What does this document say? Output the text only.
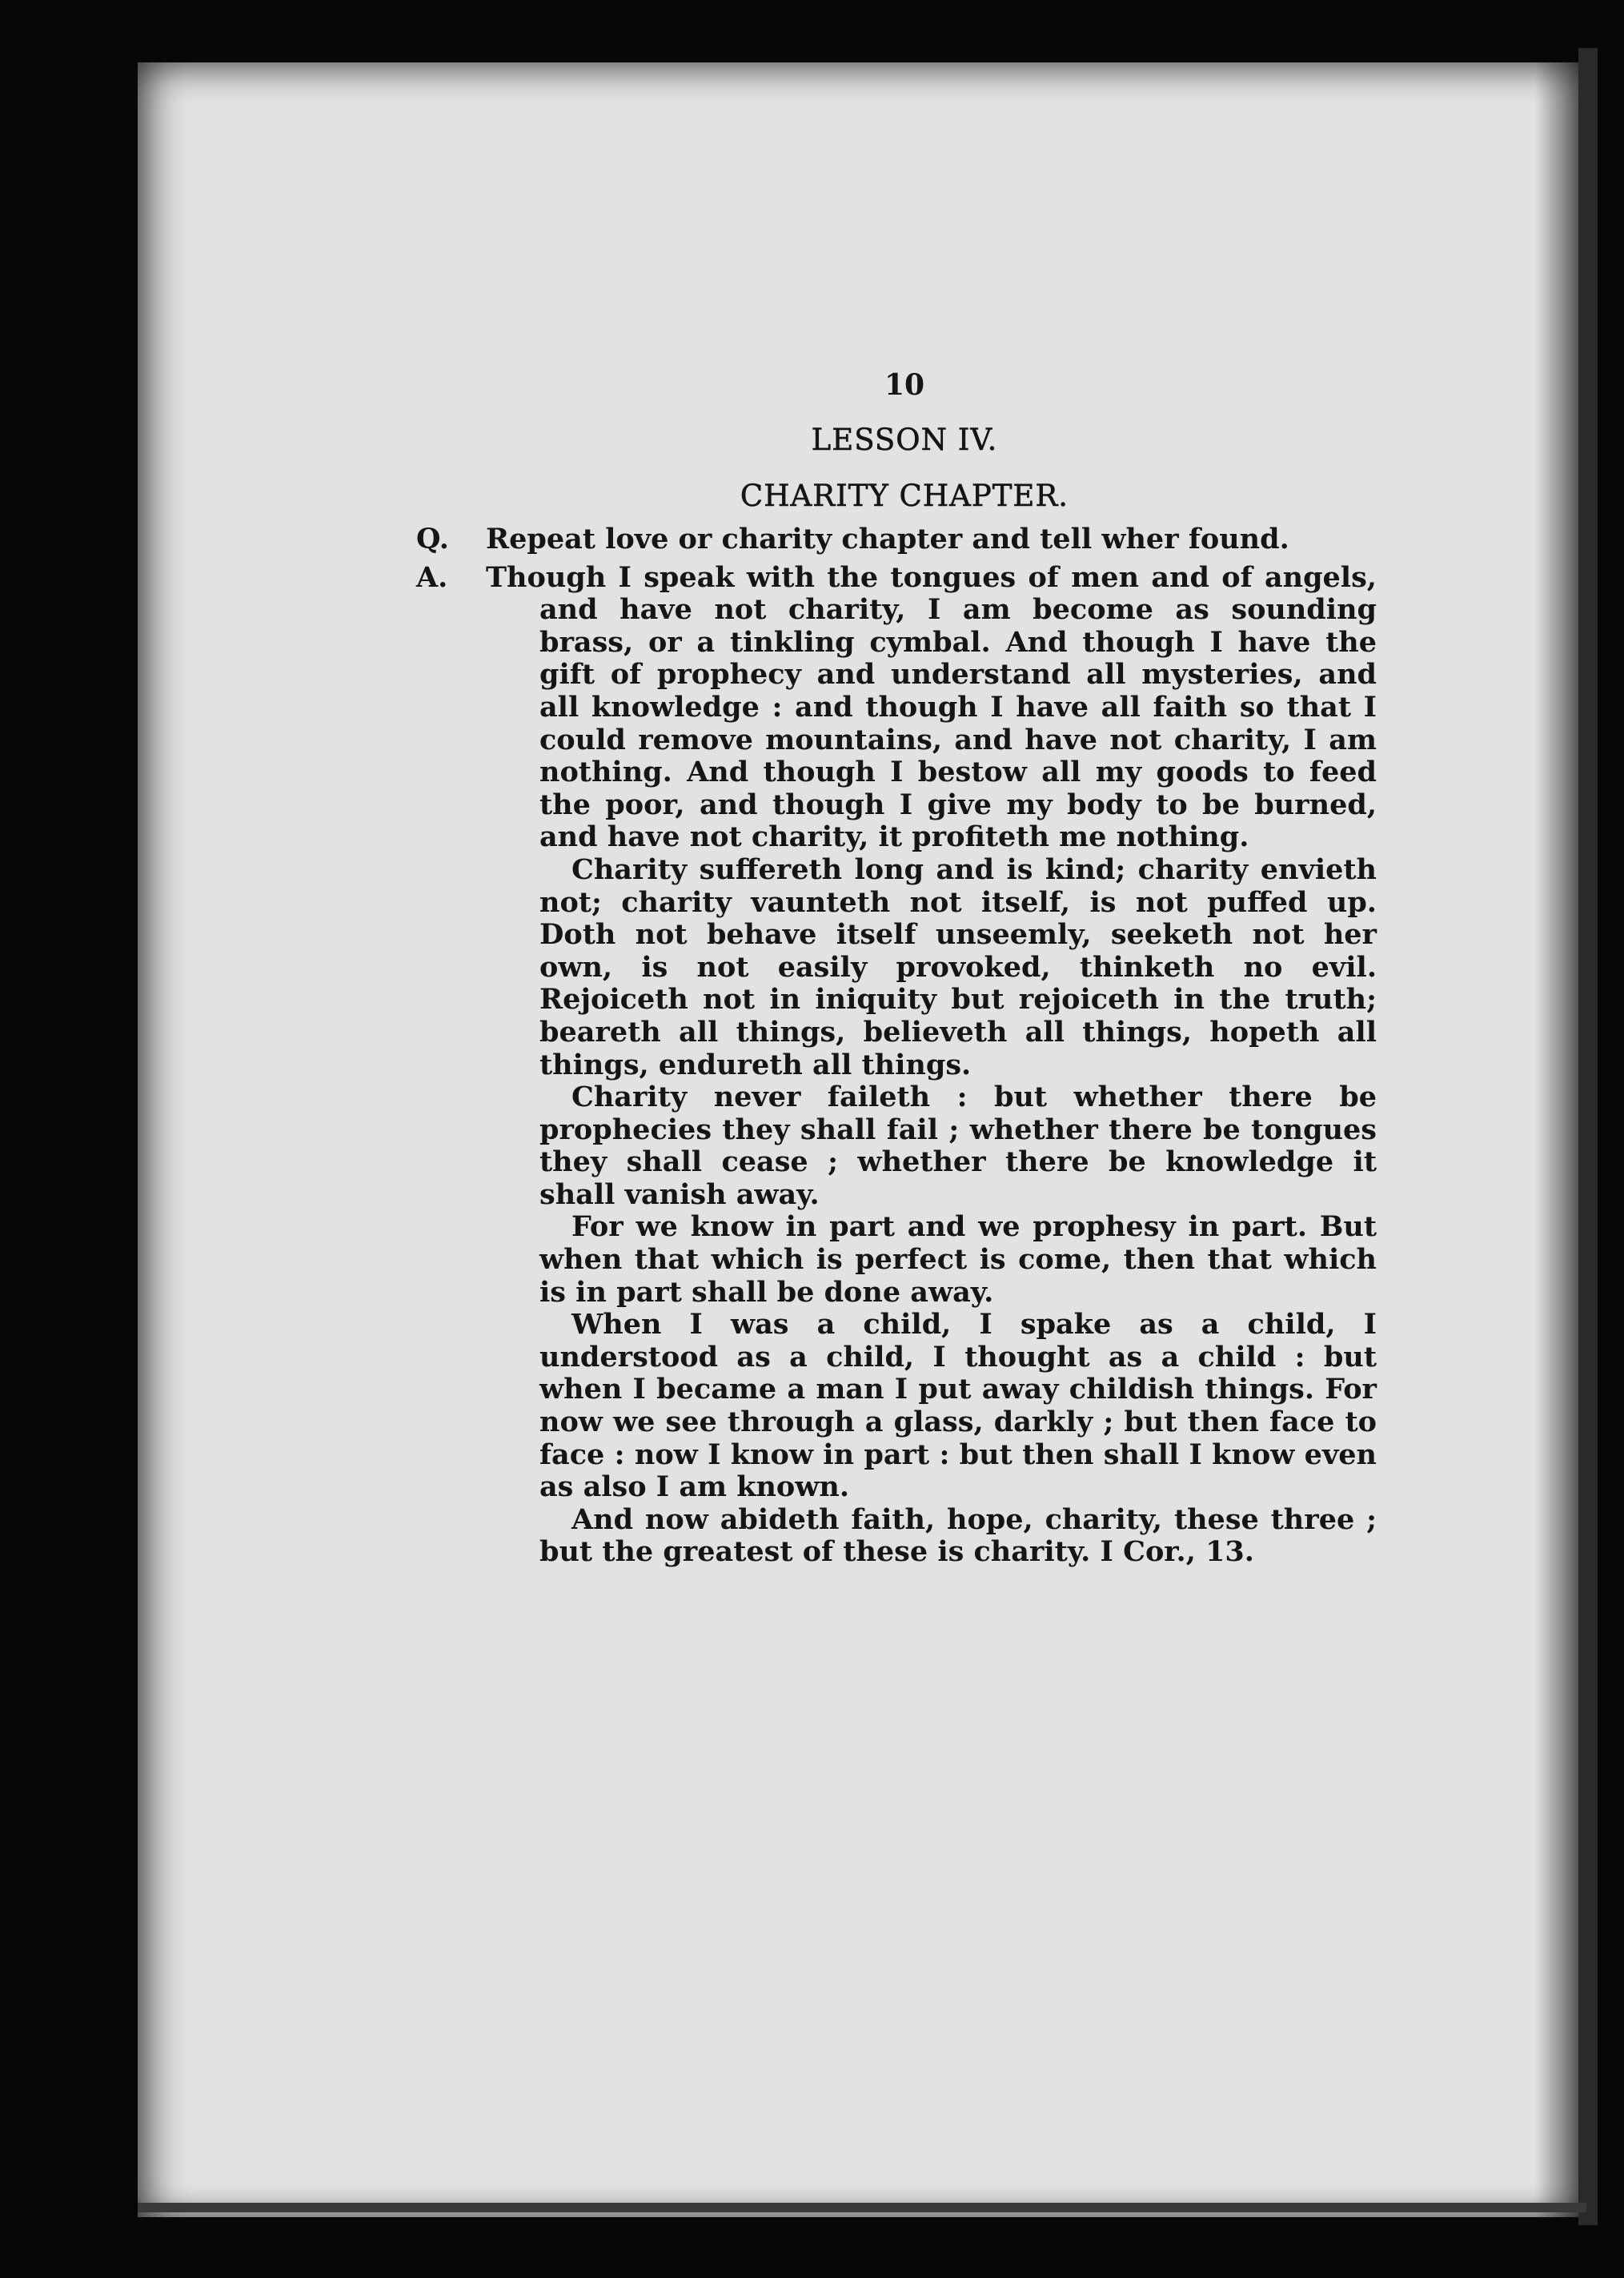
10
LESSON IV.
CHARITY CHAPTER.
Q. Repeat love or charity chapter and tell wher found.
A. Though I speak with the tongues of men and of angels, and have not charity, I am become as sounding brass, or a tinkling cymbal. And though I have the gift of prophecy and understand all mysteries, and all knowledge : and though I have all faith so that I could remove mountains, and have not charity, I am nothing. And though I bestow all my goods to feed the poor, and though I give my body to be burned, and have not charity, it profiteth me nothing.
Charity suffereth long and is kind; charity envieth not; charity vaunteth not itself, is not puffed up. Doth not behave itself unseemly, seeketh not her own, is not easily provoked, thinketh no evil. Rejoiceth not in iniquity but rejoiceth in the truth; beareth all things, believeth all things, hopeth all things, endureth all things.
Charity never faileth : but whether there be prophecies they shall fail ; whether there be tongues they shall cease ; whether there be knowledge it shall vanish away.
For we know in part and we prophesy in part. But when that which is perfect is come, then that which is in part shall be done away.
When I was a child, I spake as a child, I understood as a child, I thought as a child : but when I became a man I put away childish things. For now we see through a glass, darkly ; but then face to face : now I know in part : but then shall I know even as also I am known.
And now abideth faith, hope, charity, these three ; but the greatest of these is charity. I Cor., 13.
